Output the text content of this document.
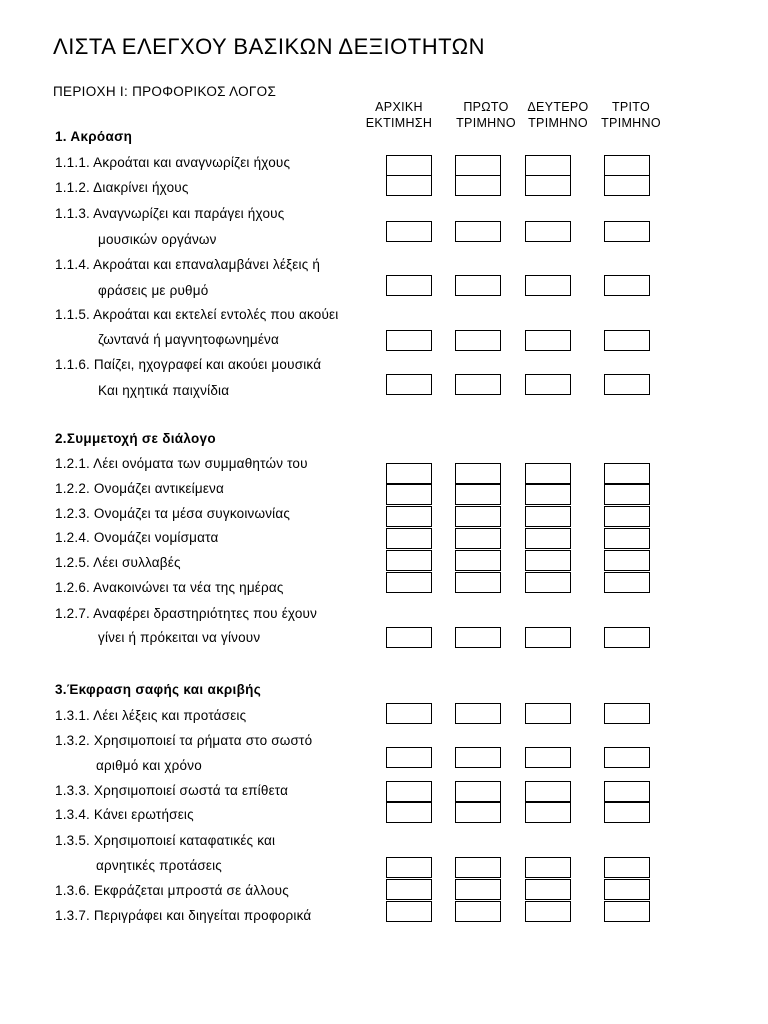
ΛΙΣΤΑ ΕΛΕΓΧΟΥ ΒΑΣΙΚΩΝ ΔΕΞΙΟΤΗΤΩΝ
ΠΕΡΙΟΧΗ Ι: ΠΡΟΦΟΡΙΚΟΣ ΛΟΓΟΣ
ΑΡΧΙΚΗ
ΕΚΤΙΜΗΣΗ
ΠΡΩΤΟ
ΤΡΙΜΗΝΟ
ΔΕΥΤΕΡΟ
ΤΡΙΜΗΝΟ
ΤΡΙΤΟ
ΤΡΙΜΗΝΟ
1. Ακρόαση
1.1.1. Ακροάται και αναγνωρίζει ήχους
1.1.2. Διακρίνει ήχους
1.1.3. Αναγνωρίζει και παράγει ήχους
μουσικών οργάνων
1.1.4. Ακροάται και επαναλαμβάνει λέξεις ή
φράσεις με ρυθμό
1.1.5. Ακροάται και εκτελεί εντολές που ακούει
ζωντανά ή μαγνητοφωνημένα
1.1.6. Παίζει, ηχογραφεί και ακούει μουσικά
Και ηχητικά παιχνίδια
2.Συμμετοχή σε διάλογο
1.2.1. Λέει ονόματα των συμμαθητών του
1.2.2. Ονομάζει αντικείμενα
1.2.3. Ονομάζει τα μέσα συγκοινωνίας
1.2.4. Ονομάζει νομίσματα
1.2.5. Λέει συλλαβές
1.2.6. Ανακοινώνει τα νέα της ημέρας
1.2.7. Αναφέρει δραστηριότητες που έχουν
γίνει ή πρόκειται να γίνουν
3.Έκφραση σαφής και ακριβής
1.3.1. Λέει λέξεις και προτάσεις
1.3.2. Χρησιμοποιεί τα ρήματα στο σωστό
αριθμό και χρόνο
1.3.3. Χρησιμοποιεί σωστά τα επίθετα
1.3.4. Κάνει ερωτήσεις
1.3.5. Χρησιμοποιεί καταφατικές και
αρνητικές προτάσεις
1.3.6. Εκφράζεται μπροστά σε άλλους
1.3.7. Περιγράφει και διηγείται προφορικά
